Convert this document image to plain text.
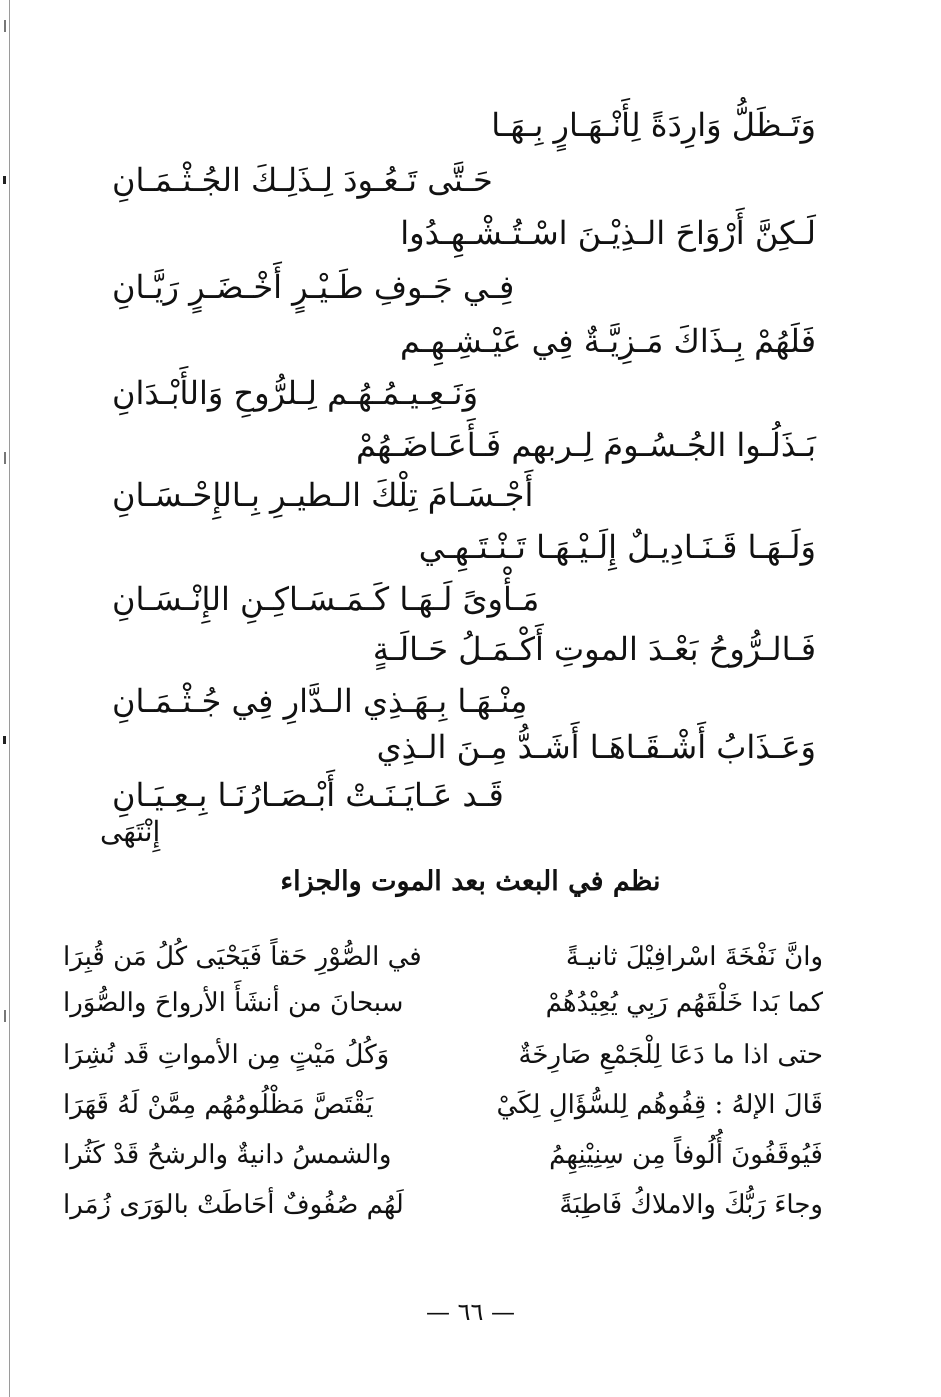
وَتَـظَلُّ وَارِدَةً لِأَنْـهَـارٍ بِـهَـا
حَـتَّى تَـعُـودَ لِـذَلِـكَ الجُـثْـمَـانِ
لَـكِنَّ أَرْوَاحَ الـذِيْـنَ اسْـتُـشْـهِـدُوا
فِـي جَـوفِ طَـيْـرٍ أَخْـضَـرٍ رَيَّـانِ
فَلَهُمْ بِـذَاكَ مَـزِيَّـةٌ فِي عَيْـشِـهِـم
وَنَـعِـيـمُـهُـم لِـلرُّوحِ وَالأَبْـدَانِ
بَـذَلُـوا الجُـسُـومَ لِـربهم فَـأَعَـاضَـهُمْ
أَجْـسَـامَ تِلْكَ الـطيـرِ بِـالإِحْـسَـانِ
وَلَـهَـا قَـنَـادِيـلٌ إِلَـيْـهَـا تَـنْـتَـهِـي
مَـأْوىً لَـهَـا كَـمَـسَـاكِـنِ الإِنْـسَـانِ
فَـالـرُّوحُ بَعْـدَ الموتِ أَكْـمَـلُ حَـالَـةٍ
مِنْـهَـا بِـهَـذِي الـدَّارِ فِي جُـثْـمَـانِ
وَعَـذَابُ أَشْـقَـاهَـا أَشَـدُّ مِـنَ الـذِي
قَـد عَـايَـنَـتْ أَبْـصَـارُنَـا بِـعِـيَـانِ
إِنْتَهَى
نظم في البعث بعد الموت والجزاء
وانَّ نَفْخَةَ اسْرافِيْلَ ثانيـةً
في الصُّوْرِ حَقاً فَيَحْيَى كُلُ مَن قُبِرَا
كما بَدا خَلْقَهُم رَبِي يُعِيْدُهُمْ
سبحانَ من أنشَأَ الأرواحَ والصُّوَرا
حتى اذا ما دَعَا لِلْجَمْعِ صَارِخَةٌ
وَكُلُ مَيْتٍ مِن الأمواتِ قَد نُشِرَا
قَالَ الإلهُ : قِفُوهُم لِلسُّؤَالِ لِكَيْ
يَقْتَصَّ مَظْلُومُهُم مِمَّنْ لَهُ قَهَرَا
فَيُوقَفُونَ أُلُوفاً مِن سِنِيْنِهِمُ
والشمسُ دانيةٌ والرشحُ قَدْ كَثُرا
وجاءَ رَبُّكَ والاملاكُ فَاطِبَةً
لَهُم صُفُوفٌ أحَاطَتْ بالوَرَى زُمَرا
— ٦٦ —
